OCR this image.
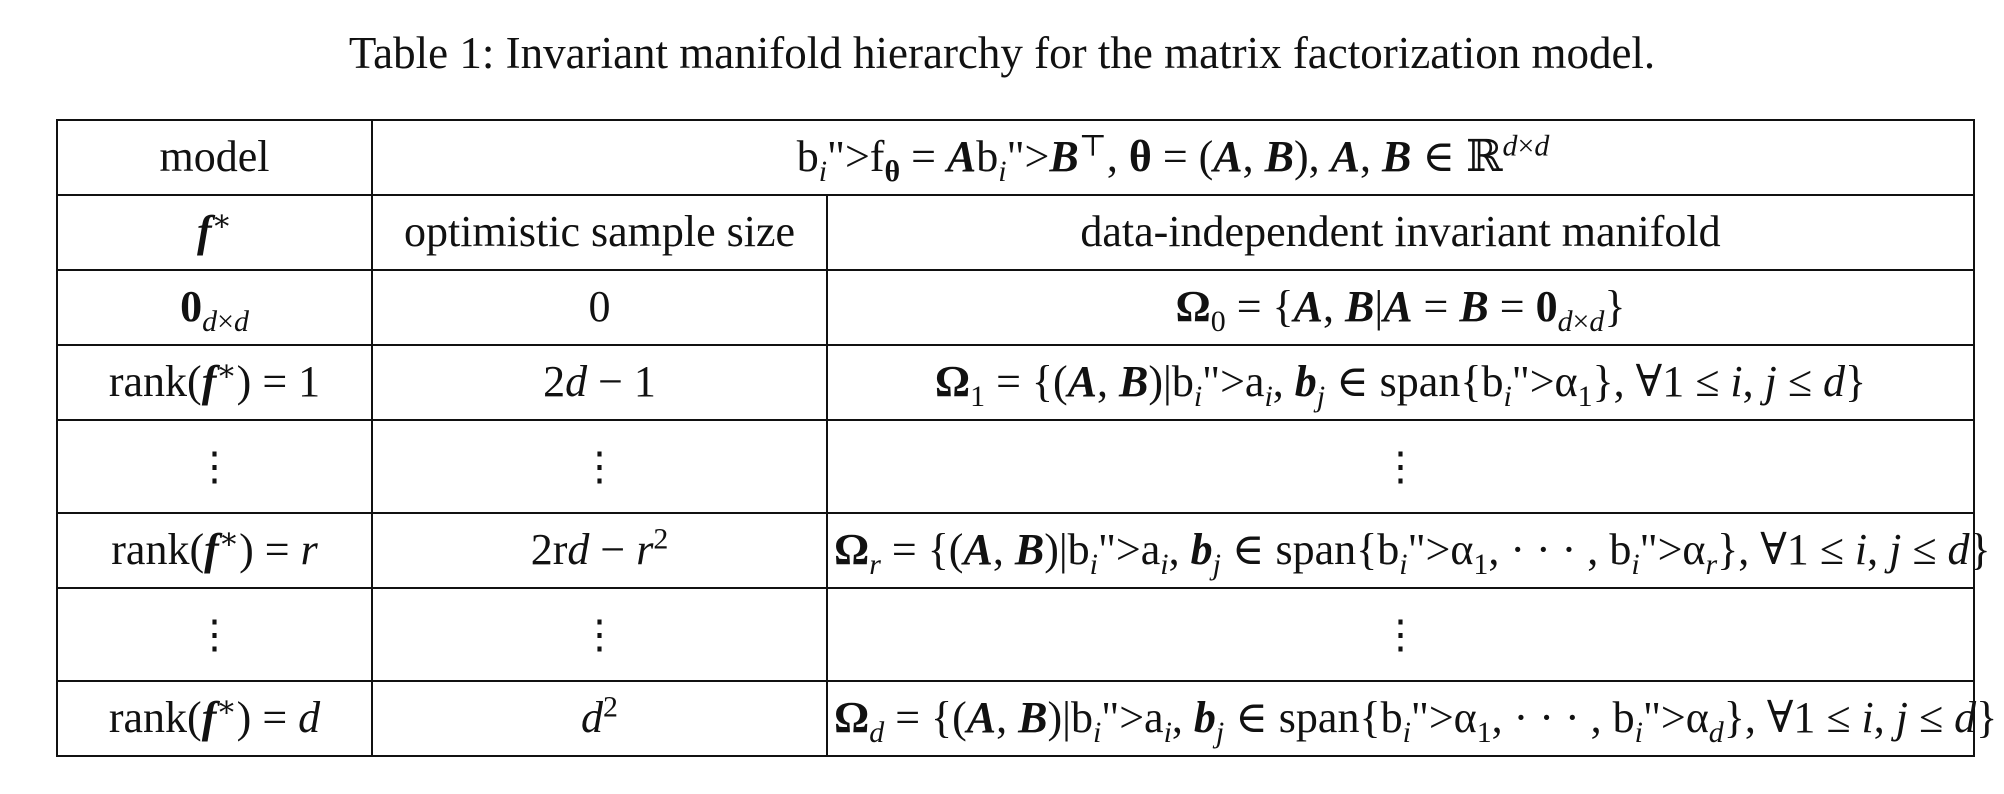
Table 1: Invariant manifold hierarchy for the matrix factorization model.
model	$b_i">f_\theta$ = $Ab_i">B^⊤$, θ = (A, B), A, B ∈ ℝ$^{d\times d}$
f∗	optimistic sample size	data-independent invariant manifold
$0_{d\times d}$	0	$\Omega_0 = \{A$, $B|A = B = 0_{d\times d}$}
rank(f∗) = 1	2d − 1	$\Omega_1 = \{(A$, $B)|b_i">a_i$, $b_j$ ∈ $span\{b_i">\alpha_1\}$, ∀1 ≤ i, j ≤ d}
⋮	⋮	⋮
rank(f∗) = r	$2rd - r^2$	$\Omega_r = \{(A$, $B)|b_i">a_i$, $b_j$ ∈ $span\{b_i">\alpha_1$, · · · , $b_i">\alpha_r$}, ∀1 ≤ i, j ≤ d}
⋮	⋮	⋮
rank(f∗) = d	$d^2$	$\Omega_d = \{(A$, $B)|b_i">a_i$, $b_j$ ∈ $span\{b_i">\alpha_1$, · · · , $b_i">\alpha_d$}, ∀1 ≤ i, j ≤ d}
